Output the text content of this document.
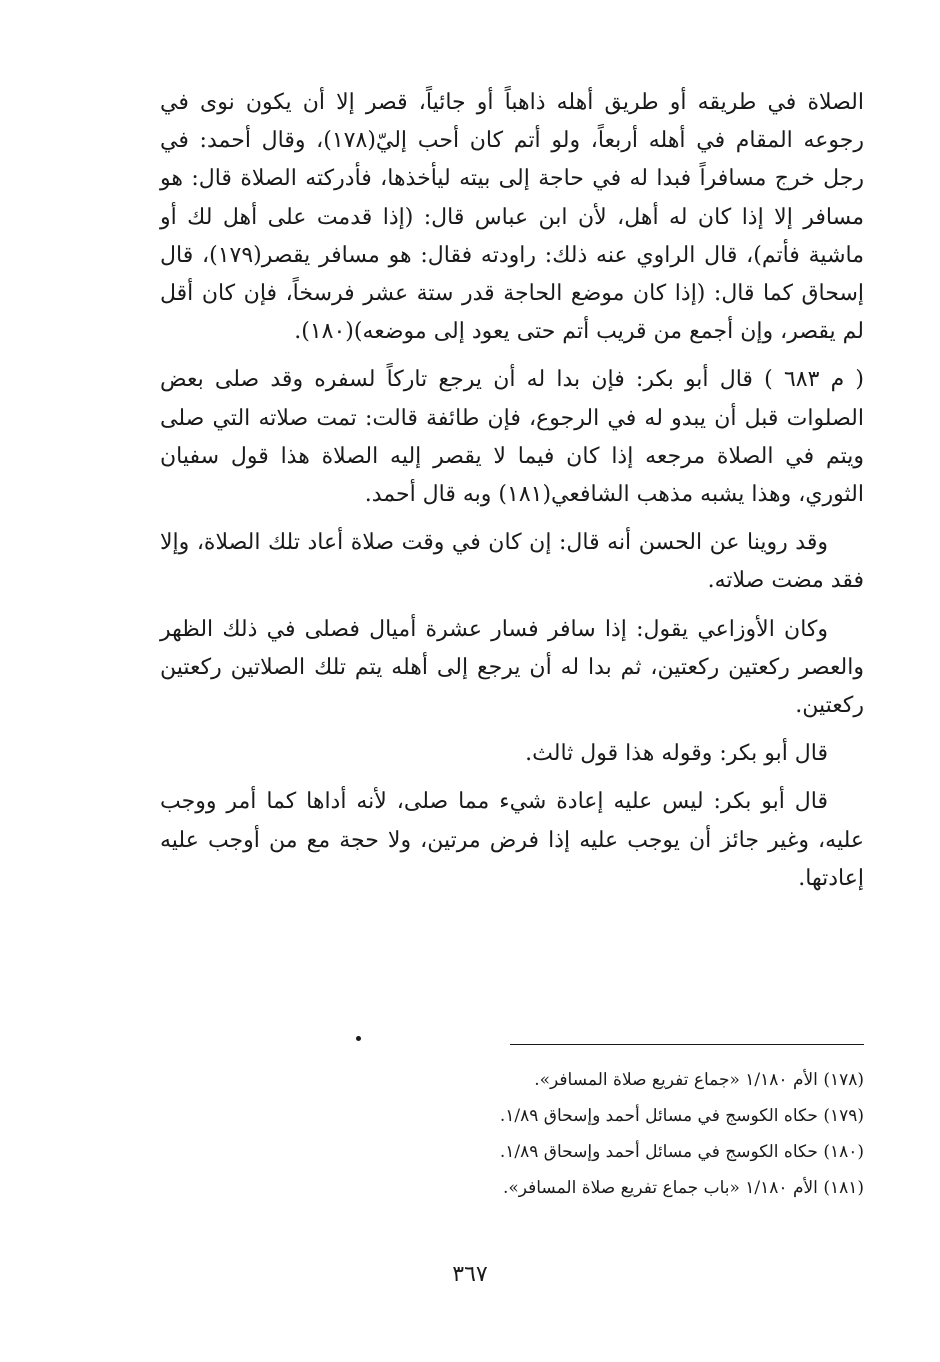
الصلاة في طريقه أو طريق أهله ذاهباً أو جائياً، قصر إلا أن يكون نوى في رجوعه المقام في أهله أربعاً، ولو أتم كان أحب إليّ(١٧٨)، وقال أحمد: في رجل خرج مسافراً فبدا له في حاجة إلى بيته ليأخذها، فأدركته الصلاة قال: هو مسافر إلا إذا كان له أهل، لأن ابن عباس قال: (إذا قدمت على أهل لك أو ماشية فأتم)، قال الراوي عنه ذلك: راودته فقال: هو مسافر يقصر(١٧٩)، قال إسحاق كما قال: (إذا كان موضع الحاجة قدر ستة عشر فرسخاً، فإن كان أقل لم يقصر، وإن أجمع من قريب أتم حتى يعود إلى موضعه)(١٨٠).

( م ٦٨٣ ) قال أبو بكر: فإن بدا له أن يرجع تاركاً لسفره وقد صلى بعض الصلوات قبل أن يبدو له في الرجوع، فإن طائفة قالت: تمت صلاته التي صلى ويتم في الصلاة مرجعه إذا كان فيما لا يقصر إليه الصلاة هذا قول سفيان الثوري، وهذا يشبه مذهب الشافعي(١٨١) وبه قال أحمد.

وقد روينا عن الحسن أنه قال: إن كان في وقت صلاة أعاد تلك الصلاة، وإلا فقد مضت صلاته.

وكان الأوزاعي يقول: إذا سافر فسار عشرة أميال فصلى في ذلك الظهر والعصر ركعتين ركعتين، ثم بدا له أن يرجع إلى أهله يتم تلك الصلاتين ركعتين ركعتين.

قال أبو بكر: وقوله هذا قول ثالث.

قال أبو بكر: ليس عليه إعادة شيء مما صلى، لأنه أداها كما أمر ووجب عليه، وغير جائز أن يوجب عليه إذا فرض مرتين، ولا حجة مع من أوجب عليه إعادتها.

(١٧٨) الأم ١/١٨٠ «جماع تفريع صلاة المسافر».

(١٧٩) حكاه الكوسج في مسائل أحمد وإسحاق ١/٨٩.

(١٨٠) حكاه الكوسج في مسائل أحمد وإسحاق ١/٨٩.

(١٨١) الأم ١/١٨٠ «باب جماع تفريع صلاة المسافر».

٣٦٧
